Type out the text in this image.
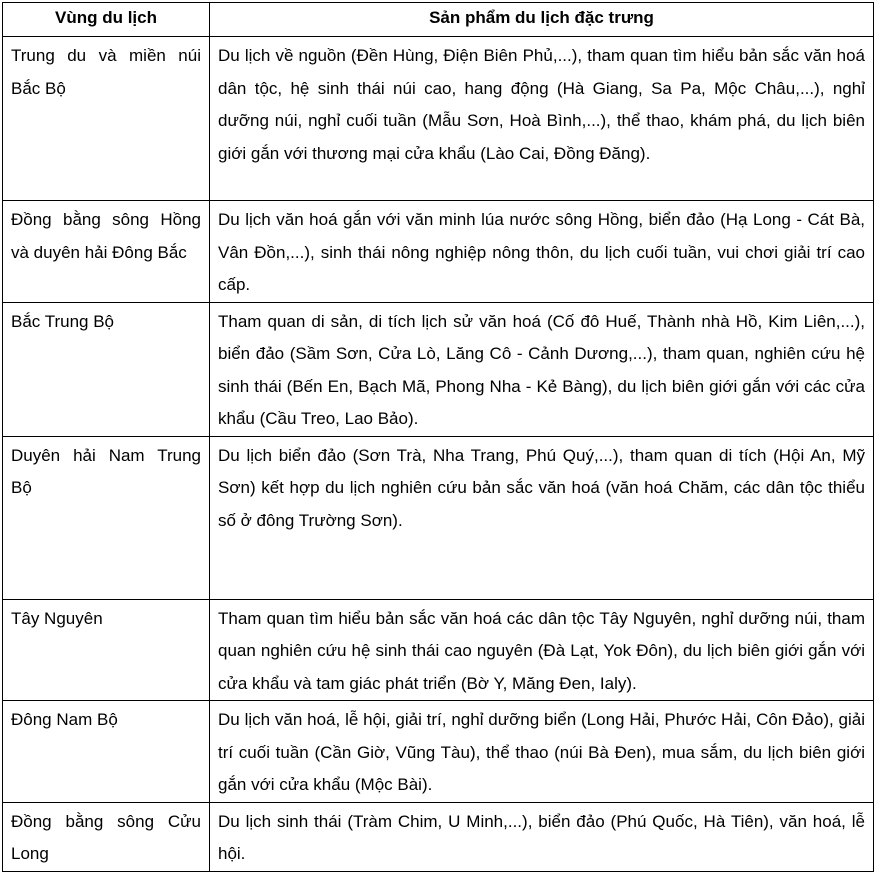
Vùng du lịch	Sản phẩm du lịch đặc trưng
Trung du và miền núi Bắc Bộ	Du lịch về nguồn (Đền Hùng, Điện Biên Phủ,...), tham quan tìm hiểu bản sắc văn hoá dân tộc, hệ sinh thái núi cao, hang động (Hà Giang, Sa Pa, Mộc Châu,...), nghỉ dưỡng núi, nghỉ cuối tuần (Mẫu Sơn, Hoà Bình,...), thể thao, khám phá, du lịch biên giới gắn với thương mại cửa khẩu (Lào Cai, Đồng Đăng).
Đồng bằng sông Hồng và duyên hải Đông Bắc	Du lịch văn hoá gắn với văn minh lúa nước sông Hồng, biển đảo (Hạ Long - Cát Bà, Vân Đồn,...), sinh thái nông nghiệp nông thôn, du lịch cuối tuần, vui chơi giải trí cao cấp.
Bắc Trung Bộ	Tham quan di sản, di tích lịch sử văn hoá (Cố đô Huế, Thành nhà Hồ, Kim Liên,...), biển đảo (Sầm Sơn, Cửa Lò, Lăng Cô - Cảnh Dương,...), tham quan, nghiên cứu hệ sinh thái (Bến En, Bạch Mã, Phong Nha - Kẻ Bàng), du lịch biên giới gắn với các cửa khẩu (Cầu Treo, Lao Bảo).
Duyên hải Nam Trung Bộ	Du lịch biển đảo (Sơn Trà, Nha Trang, Phú Quý,...), tham quan di tích (Hội An, Mỹ Sơn) kết hợp du lịch nghiên cứu bản sắc văn hoá (văn hoá Chăm, các dân tộc thiểu số ở đông Trường Sơn).
Tây Nguyên	Tham quan tìm hiểu bản sắc văn hoá các dân tộc Tây Nguyên, nghỉ dưỡng núi, tham quan nghiên cứu hệ sinh thái cao nguyên (Đà Lạt, Yok Đôn), du lịch biên giới gắn với cửa khẩu và tam giác phát triển (Bờ Y, Măng Đen, Ialy).
Đông Nam Bộ	Du lịch văn hoá, lễ hội, giải trí, nghỉ dưỡng biển (Long Hải, Phước Hải, Côn Đảo), giải trí cuối tuần (Cần Giờ, Vũng Tàu), thể thao (núi Bà Đen), mua sắm, du lịch biên giới gắn với cửa khẩu (Mộc Bài).
Đồng bằng sông Cửu Long	Du lịch sinh thái (Tràm Chim, U Minh,...), biển đảo (Phú Quốc, Hà Tiên), văn hoá, lễ hội.
